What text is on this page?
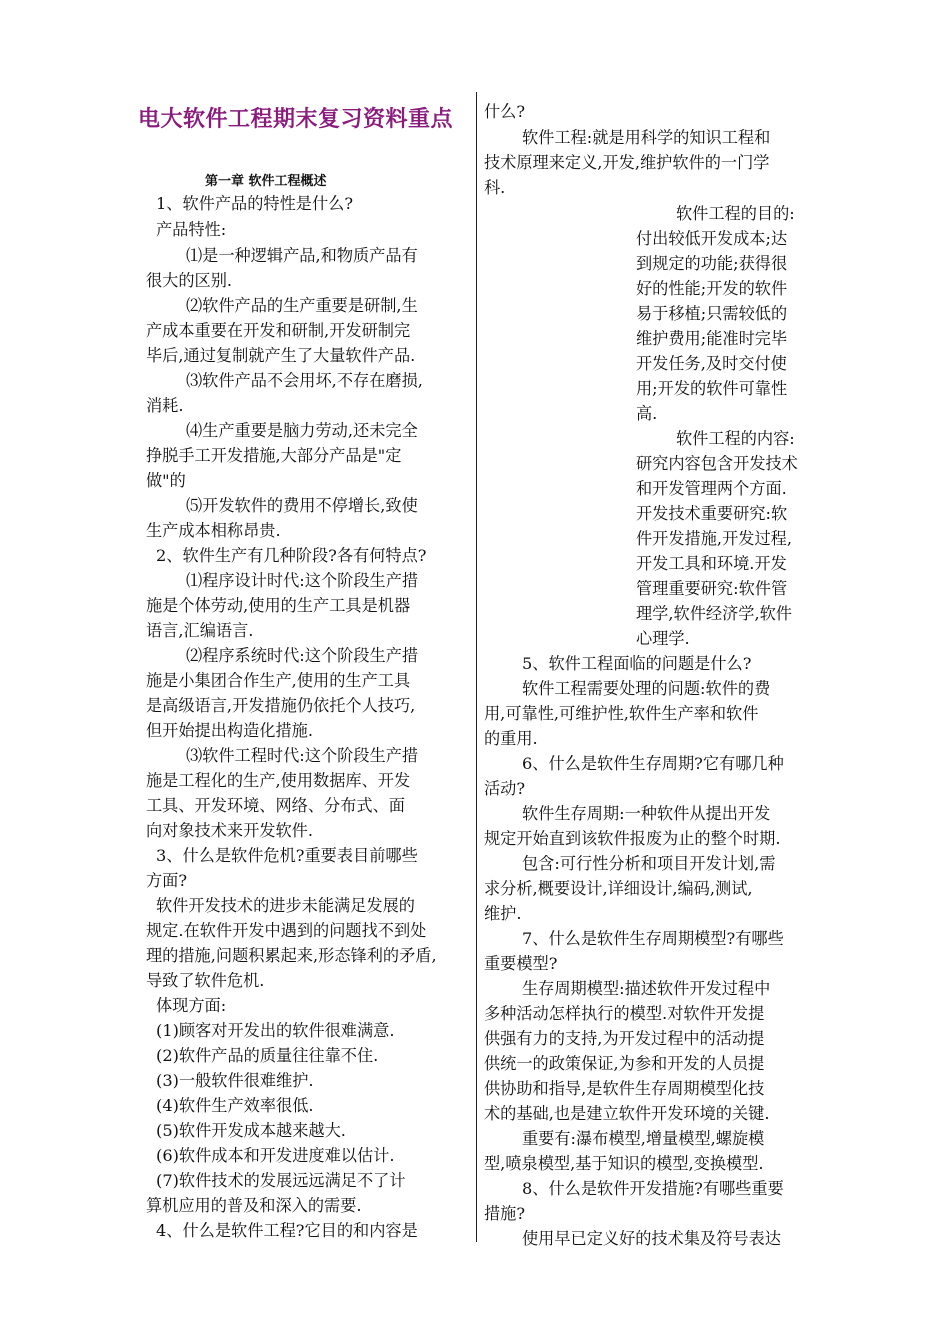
电大软件工程期末复习资料重点
第一章 软件工程概述
1、软件产品的特性是什么?
产品特性:
⑴是一种逻辑产品,和物质产品有
很大的区别.
⑵软件产品的生产重要是研制,生
产成本重要在开发和研制,开发研制完
毕后,通过复制就产生了大量软件产品.
⑶软件产品不会用坏,不存在磨损,
消耗.
⑷生产重要是脑力劳动,还未完全
挣脱手工开发措施,大部分产品是"定
做"的
⑸开发软件的费用不停增长,致使
生产成本相称昂贵.
2、软件生产有几种阶段?各有何特点?
⑴程序设计时代:这个阶段生产措
施是个体劳动,使用的生产工具是机器
语言,汇编语言.
⑵程序系统时代:这个阶段生产措
施是小集团合作生产,使用的生产工具
是高级语言,开发措施仍依托个人技巧,
但开始提出构造化措施.
⑶软件工程时代:这个阶段生产措
施是工程化的生产,使用数据库、开发
工具、开发环境、网络、分布式、面
向对象技术来开发软件.
3、什么是软件危机?重要表目前哪些
方面?
软件开发技术的进步未能满足发展的
规定.在软件开发中遇到的问题找不到处
理的措施,问题积累起来,形态锋利的矛盾,
导致了软件危机.
体现方面:
(1)顾客对开发出的软件很难满意.
(2)软件产品的质量往往靠不住.
(3)一般软件很难维护.
(4)软件生产效率很低.
(5)软件开发成本越来越大.
(6)软件成本和开发进度难以估计.
(7)软件技术的发展远远满足不了计
算机应用的普及和深入的需要.
4、什么是软件工程?它目的和内容是
什么?
软件工程:就是用科学的知识工程和
技术原理来定义,开发,维护软件的一门学
科.
软件工程的目的:
付出较低开发成本;达
到规定的功能;获得很
好的性能;开发的软件
易于移植;只需较低的
维护费用;能准时完毕
开发任务,及时交付使
用;开发的软件可靠性
高.
软件工程的内容:
研究内容包含开发技术
和开发管理两个方面.
开发技术重要研究:软
件开发措施,开发过程,
开发工具和环境.开发
管理重要研究:软件管
理学,软件经济学,软件
心理学.
5、软件工程面临的问题是什么?
软件工程需要处理的问题:软件的费
用,可靠性,可维护性,软件生产率和软件
的重用.
6、什么是软件生存周期?它有哪几种
活动?
软件生存周期:一种软件从提出开发
规定开始直到该软件报废为止的整个时期.
包含:可行性分析和项目开发计划,需
求分析,概要设计,详细设计,编码,测试,
维护.
7、什么是软件生存周期模型?有哪些
重要模型?
生存周期模型:描述软件开发过程中
多种活动怎样执行的模型.对软件开发提
供强有力的支持,为开发过程中的活动提
供统一的政策保证,为参和开发的人员提
供协助和指导,是软件生存周期模型化技
术的基础,也是建立软件开发环境的关键.
重要有:瀑布模型,增量模型,螺旋模
型,喷泉模型,基于知识的模型,变换模型.
8、什么是软件开发措施?有哪些重要
措施?
使用早已定义好的技术集及符号表达
